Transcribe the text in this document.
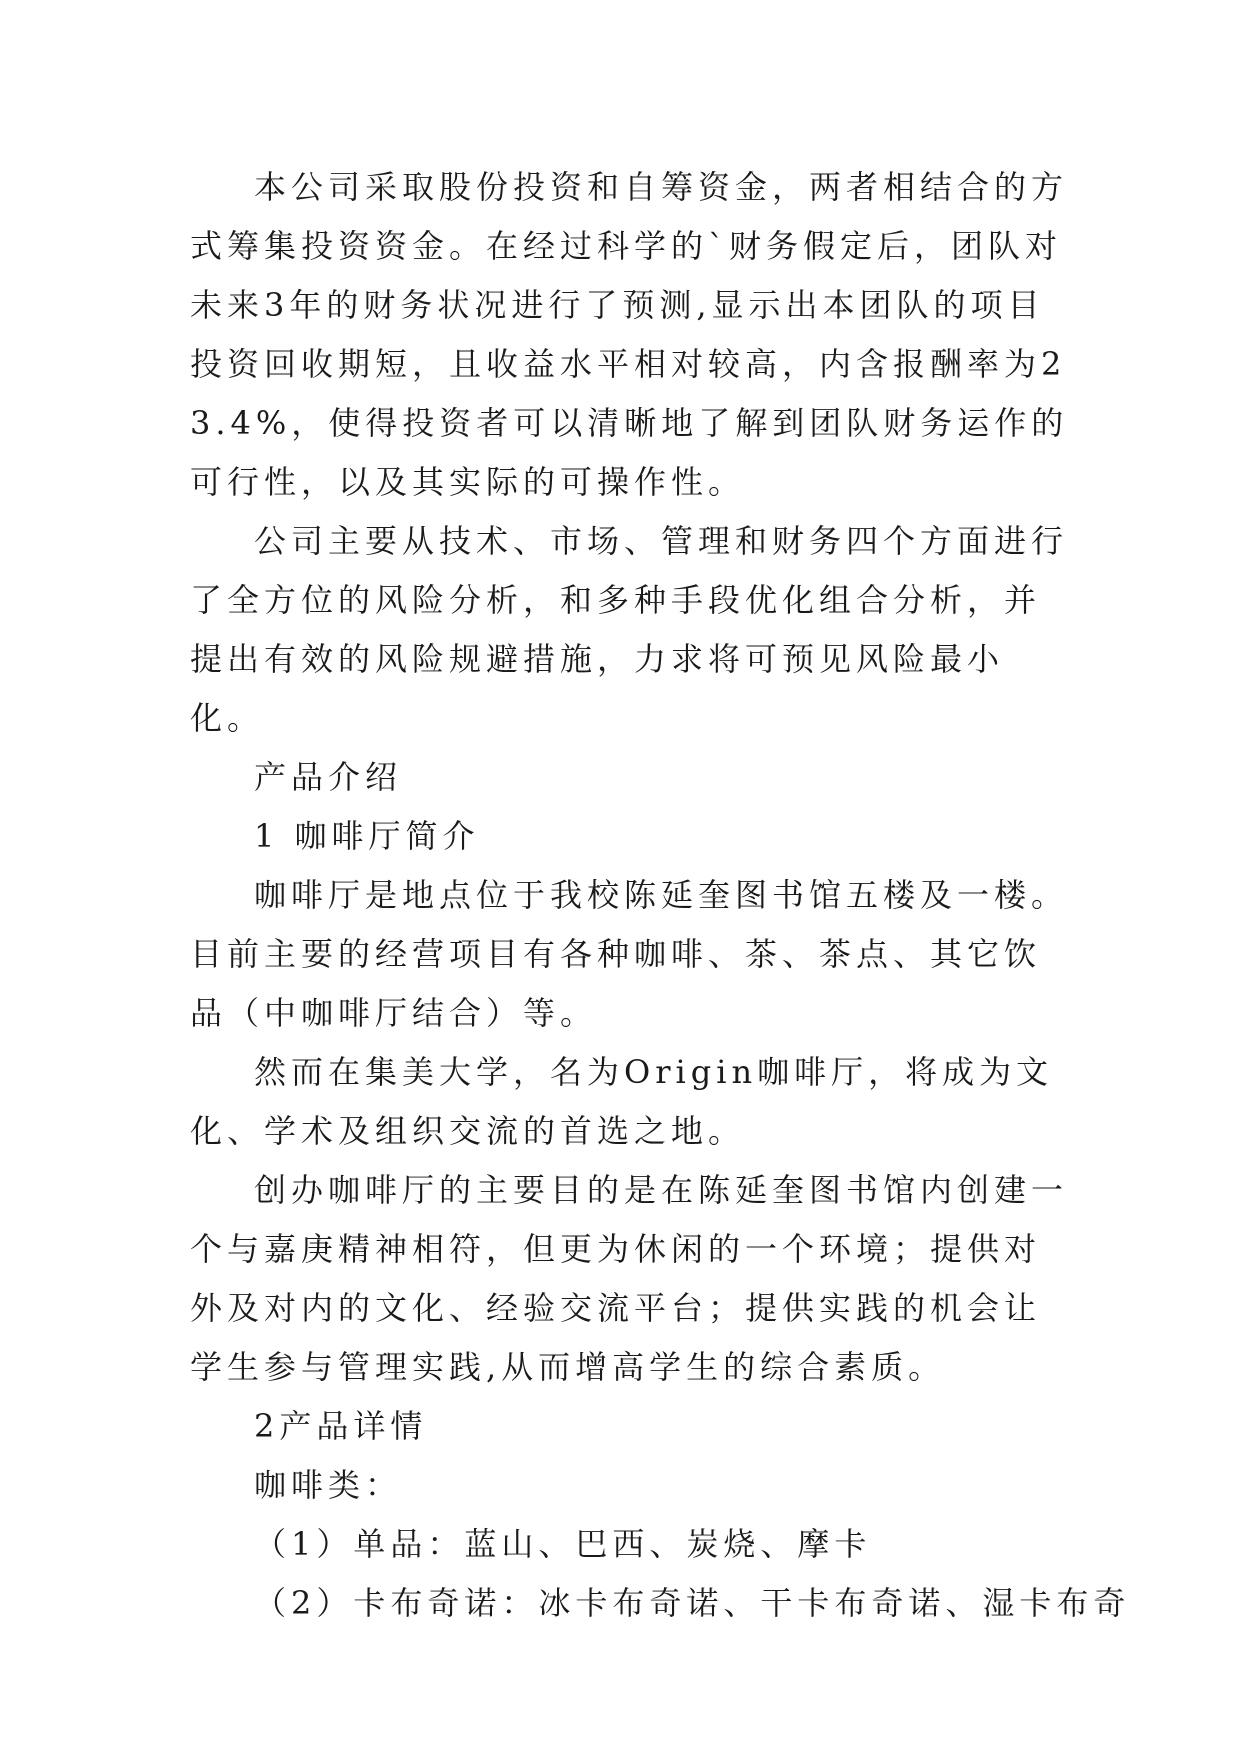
本公司采取股份投资和自筹资金，两者相结合的方式筹集投资资金。在经过科学的`财务假定后，团队对未来3年的财务状况进行了预测,显示出本团队的项目投资回收期短，且收益水平相对较高，内含报酬率为23.4%，使得投资者可以清晰地了解到团队财务运作的可行性，以及其实际的可操作性。

公司主要从技术、市场、管理和财务四个方面进行了全方位的风险分析，和多种手段优化组合分析，并提出有效的风险规避措施，力求将可预见风险最小化。

产品介绍

1 咖啡厅简介

咖啡厅是地点位于我校陈延奎图书馆五楼及一楼。目前主要的经营项目有各种咖啡、茶、茶点、其它饮品（中咖啡厅结合）等。

然而在集美大学，名为Origin咖啡厅，将成为文化、学术及组织交流的首选之地。

创办咖啡厅的主要目的是在陈延奎图书馆内创建一个与嘉庚精神相符，但更为休闲的一个环境；提供对外及对内的文化、经验交流平台；提供实践的机会让学生参与管理实践,从而增高学生的综合素质。

2产品详情

咖啡类：

（1）单品：蓝山、巴西、炭烧、摩卡

（2）卡布奇诺：冰卡布奇诺、干卡布奇诺、湿卡布奇
